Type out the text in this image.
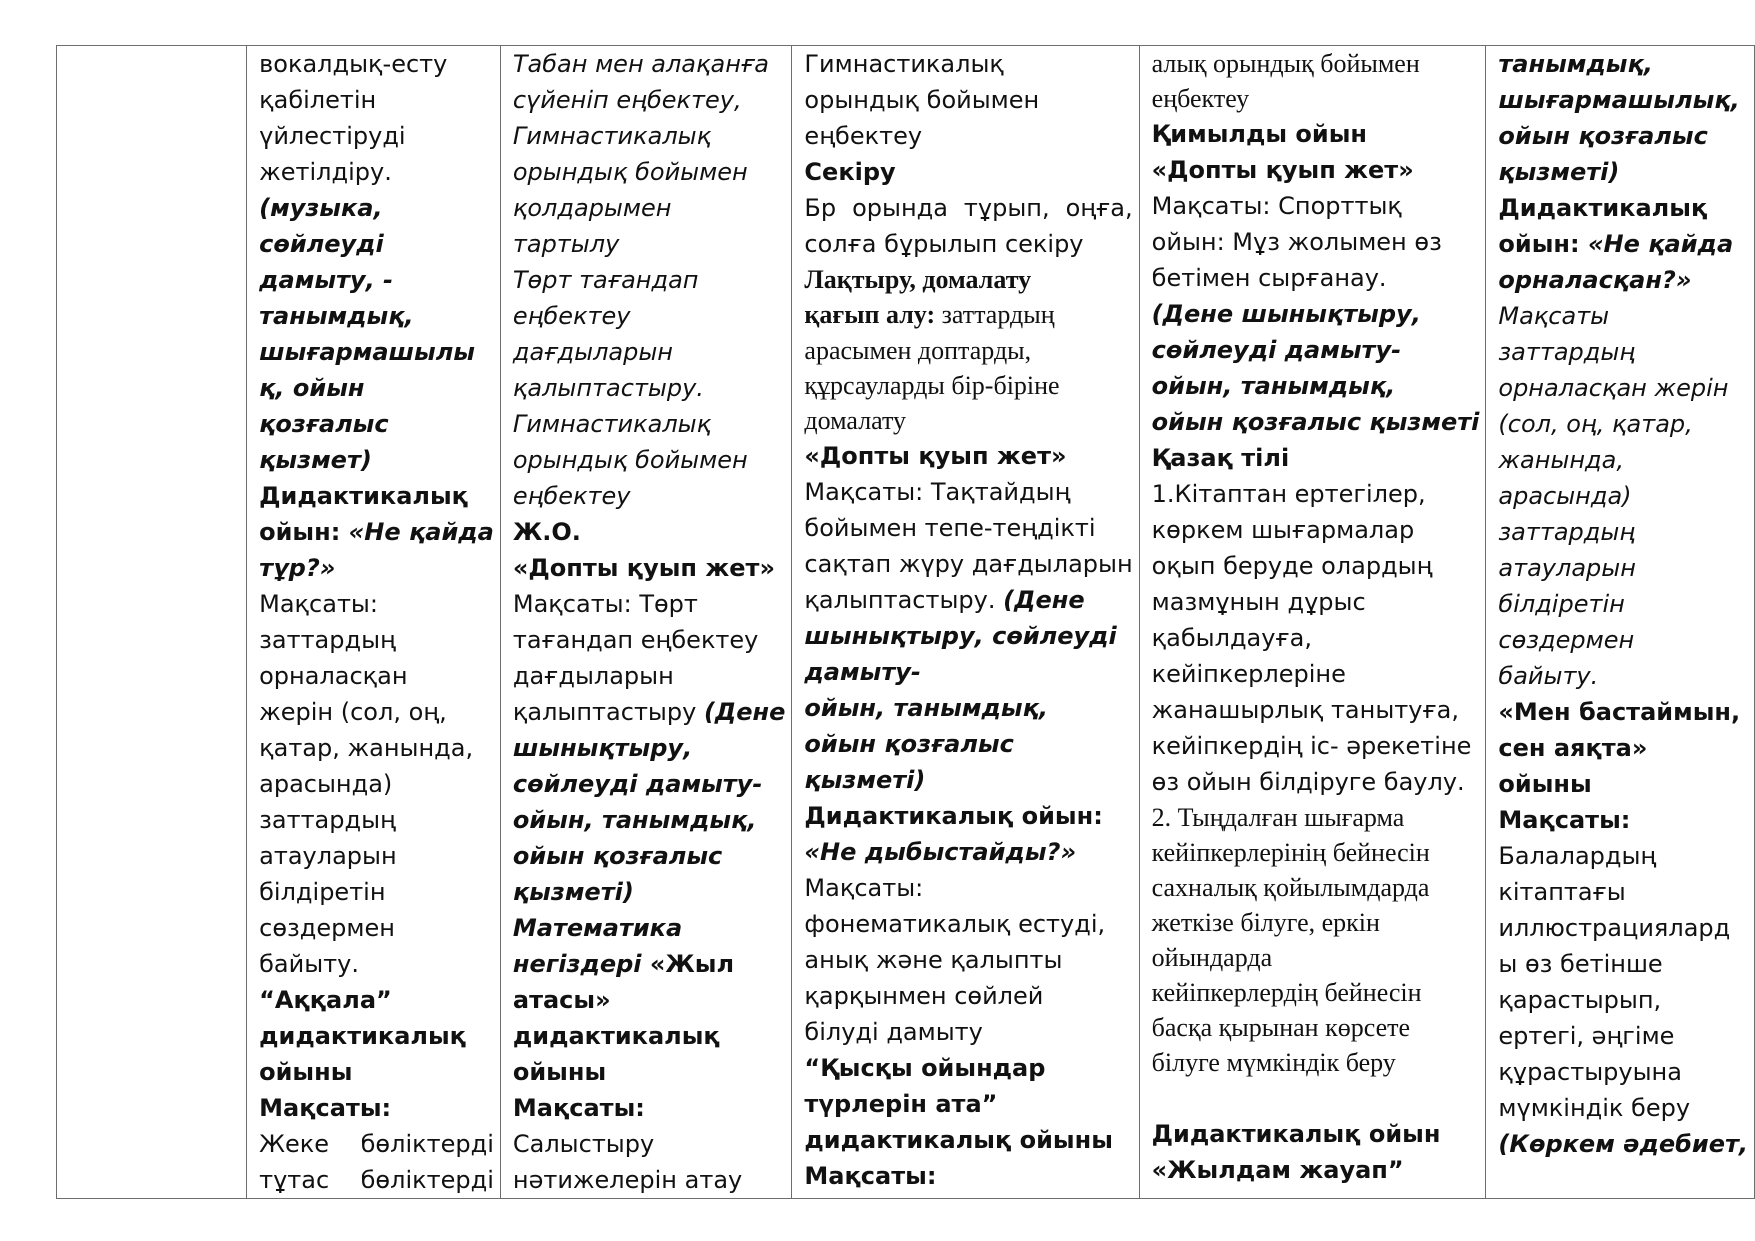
вокалдық-есту
қабілетін
үйлестіруді
жетілдіру.
(музыка,
сөйлеуді
дамыту, -
танымдық,
шығармашылы
қ, ойын
қозғалыс
қызмет)
Дидактикалық
ойын: «Не қайда
тұр?»
Мақсаты:
заттардың
орналасқан
жерін (сол, оң,
қатар, жанында,
арасында)
заттардың
атауларын
білдіретін
сөздермен
байыту.
“Аққала”
дидактикалық
ойыны
Мақсаты:
Жеке бөліктерді
тұтас бөліктерді

Табан мен алақанға
сүйеніп еңбектеу,
Гимнастикалық
орындық бойымен
қолдарымен
тартылу
Төрт тағандап
еңбектеу
дағдыларын
қалыптастыру.
Гимнастикалық
орындық бойымен
еңбектеу
Ж.О.
«Допты қуып жет»
Мақсаты: Төрт
тағандап еңбектеу
дағдыларын
қалыптастыру (Дене
шынықтыру,
сөйлеуді дамыту-
ойын, танымдық,
ойын қозғалыс
қызметі)
Математика
негіздері «Жыл
атасы»
дидактикалық
ойыны
Мақсаты:
Салыстыру
нәтижелерін атау

Гимнастикалық
орындық бойымен
еңбектеу
Секіру
Бр орында тұрып, оңға,
солға бұрылып секіру
Лақтыру, домалату
қағып алу: заттардың
арасымен доптарды,
құрсауларды бір-біріне
домалату
«Допты қуып жет»
Мақсаты: Тақтайдың
бойымен тепе-теңдікті
сақтап жүру дағдыларын
қалыптастыру. (Дене
шынықтыру, сөйлеуді
дамыту-
ойын, танымдық,
ойын қозғалыс
қызметі)
Дидактикалық ойын:
«Не дыбыстайды?»
Мақсаты:
фонематикалық естуді,
анық және қалыпты
қарқынмен сөйлей
білуді дамыту
“Қысқы ойындар
түрлерін ата”
дидактикалық ойыны
Мақсаты:

алық орындық бойымен
еңбектеу
Қимылды ойын
«Допты қуып жет»
Мақсаты: Спорттық
ойын: Мұз жолымен өз
бетімен сырғанау.
(Дене шынықтыру,
сөйлеуді дамыту-
ойын, танымдық,
ойын қозғалыс қызметі
Қазақ тілі
1.Кітаптан ертегілер,
көркем шығармалар
оқып беруде олардың
мазмұнын дұрыс
қабылдауға,
кейіпкерлеріне
жанашырлық танытуға,
кейіпкердің іс- әрекетіне
өз ойын білдіруге баулу.
2. Тыңдалған шығарма
кейіпкерлерінің бейнесін
сахналық қойылымдарда
жеткізе білуге, еркін
ойындарда
кейіпкерлердің бейнесін
басқа қырынан көрсете
білуге мүмкіндік беру
Дидактикалық ойын
«Жылдам жауап”

танымдық,
шығармашылық,
ойын қозғалыс
қызметі)
Дидактикалық
ойын: «Не қайда
орналасқан?»
Мақсаты
заттардың
орналасқан жерін
(сол, оң, қатар,
жанында,
арасында)
заттардың
атауларын
білдіретін
сөздермен
байыту.
«Мен бастаймын,
сен аяқта»
ойыны
Мақсаты:
Балалардың
кітаптағы
иллюстрациялард
ы өз бетінше
қарастырып,
ертегі, әңгіме
құрастыруына
мүмкіндік беру
(Көркем әдебиет,
